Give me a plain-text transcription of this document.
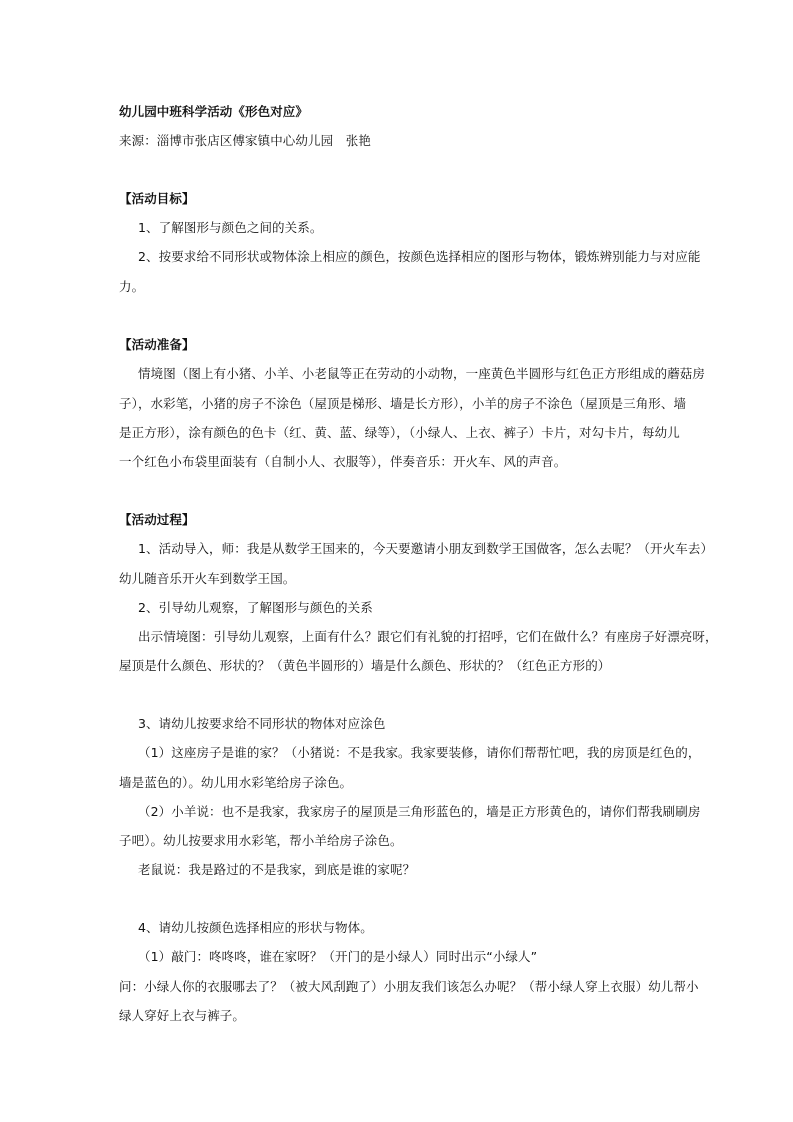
幼儿园中班科学活动《形色对应》
来源：淄博市张店区傅家镇中心幼儿园　张艳
【活动目标】
1、了解图形与颜色之间的关系。
2、按要求给不同形状或物体涂上相应的颜色，按颜色选择相应的图形与物体，锻炼辨别能力与对应能
力。
【活动准备】
情境图（图上有小猪、小羊、小老鼠等正在劳动的小动物，一座黄色半圆形与红色正方形组成的蘑菇房
子），水彩笔，小猪的房子不涂色（屋顶是梯形、墙是长方形），小羊的房子不涂色（屋顶是三角形、墙
是正方形），涂有颜色的色卡（红、黄、蓝、绿等），（小绿人、上衣、裤子）卡片，对勾卡片，每幼儿
一个红色小布袋里面装有（自制小人、衣服等），伴奏音乐：开火车、风的声音。
【活动过程】
1、活动导入，师：我是从数学王国来的，今天要邀请小朋友到数学王国做客，怎么去呢？（开火车去）
幼儿随音乐开火车到数学王国。
2、引导幼儿观察，了解图形与颜色的关系
出示情境图：引导幼儿观察，上面有什么？跟它们有礼貌的打招呼，它们在做什么？有座房子好漂亮呀，
屋顶是什么颜色、形状的？（黄色半圆形的）墙是什么颜色、形状的？（红色正方形的）
3、请幼儿按要求给不同形状的物体对应涂色
（1）这座房子是谁的家？（小猪说：不是我家。我家要装修，请你们帮帮忙吧，我的房顶是红色的，
墙是蓝色的）。幼儿用水彩笔给房子涂色。
（2）小羊说：也不是我家，我家房子的屋顶是三角形蓝色的，墙是正方形黄色的，请你们帮我刷刷房
子吧）。幼儿按要求用水彩笔，帮小羊给房子涂色。
老鼠说：我是路过的不是我家，到底是谁的家呢？
4、请幼儿按颜色选择相应的形状与物体。
（1）敲门：咚咚咚，谁在家呀？（开门的是小绿人）同时出示“小绿人”
问：小绿人你的衣服哪去了？（被大风刮跑了）小朋友我们该怎么办呢？（帮小绿人穿上衣服）幼儿帮小
绿人穿好上衣与裤子。
